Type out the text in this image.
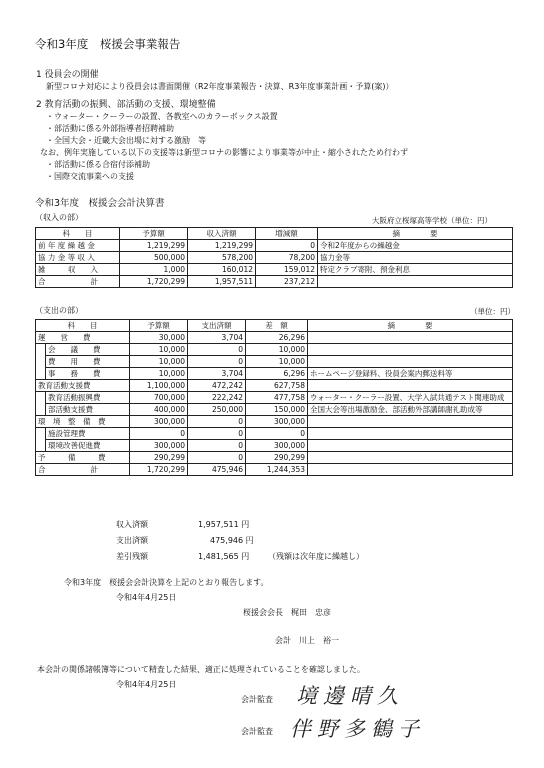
令和3年度　桜援会事業報告
1 役員会の開催
新型コロナ対応により役員会は書面開催（R2年度事業報告・決算、R3年度事業計画・予算(案)）
2 教育活動の振興、部活動の支援、環境整備
・ウォーター・クーラーの設置、各教室へのカラーボックス設置
・部活動に係る外部指導者招聘補助
・全国大会・近畿大会出場に対する激励　等
なお、例年実施している以下の支援等は新型コロナの影響により事業等が中止・縮小されたため行わず
・部活動に係る合宿付添補助
・国際交流事業への支援
令和3年度　桜援会会計決算書
（収入の部）	大阪府立桜塚高等学校（単位：円）
科　　目	予算額	収入済額	増減額	摘　　　　要
前 年 度 繰 越 金	1,219,299	1,219,299	0	令和2年度からの繰越金
協 力 金 等 収 入	500,000	578,200	78,200	協力金等
雑　　　収　　入	1,000	160,012	159,012	特定クラブ寄附、預金利息
合　　　　　　計	1,720,299	1,957,511	237,212	
（支出の部）	（単位：円）
科　　目		予算額	支出済額	差　額	摘　　　　要
運　　営　　費		30,000	3,704	26,296	
	会　　議　　費	10,000	0	10,000	
	費　　用　　費	10,000	0	10,000	
	事　　務　　費	10,000	3,704	6,296	ホームページ登録料、役員会案内郵送料等
教育活動支援費		1,100,000	472,242	627,758	
	教育活動振興費	700,000	222,242	477,758	ウォーター・クーラー設置、大学入試共通テスト関連助成
	部活動支援費	400,000	250,000	150,000	全国大会等出場激励金、部活動外部講師謝礼助成等
環　境　整　備　費		300,000	0	300,000	
	施設管理費	0	0	0	
	環境改善促進費	300,000	0	300,000	
予　　　備　　　費		290,299	0	290,299	
合　　　　　　計		1,720,299	475,946	1,244,353	
収入済額	1,957,511 円
支出済額	475,946 円
差引残額	1,481,565 円 （残額は次年度に繰越し）
令和3年度　桜援会会計決算を上記のとおり報告します。
令和4年4月25日
桜援会会長　梶田　忠彦
会計　川上　裕一
本会計の関係諸帳簿等について精査した結果、適正に処理されていることを確認しました。
令和4年4月25日
会計監査 境邊晴久
会計監査 伴野多鶴子
